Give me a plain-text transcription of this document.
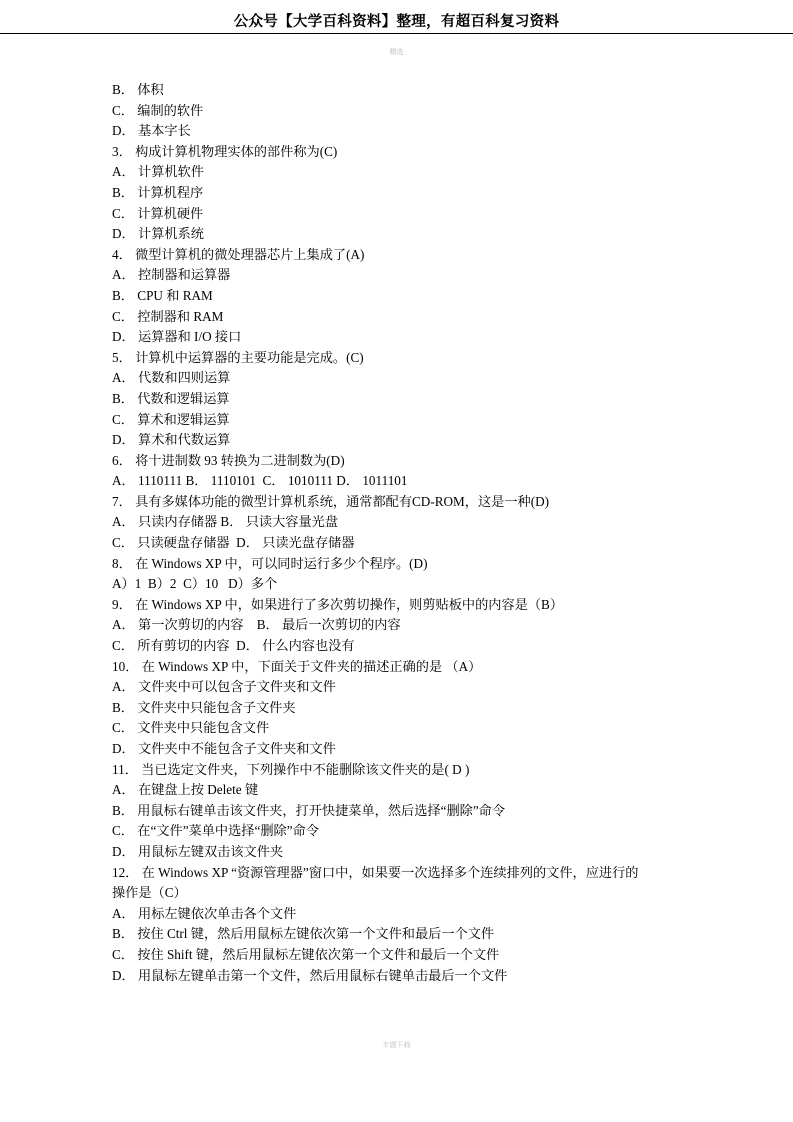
公众号【大学百科资料】整理，有超百科复习资料
精选
B． 体积
C． 编制的软件
D． 基本字长
3． 构成计算机物理实体的部件称为(C)
A． 计算机软件
B． 计算机程序
C． 计算机硬件
D． 计算机系统
4． 微型计算机的微处理器芯片上集成了(A)
A． 控制器和运算器
B． CPU 和 RAM
C． 控制器和 RAM
D． 运算器和 I/O 接口
5． 计算机中运算器的主要功能是完成。(C)
A． 代数和四则运算
B． 代数和逻辑运算
C． 算术和逻辑运算
D． 算术和代数运算
6． 将十进制数 93 转换为二进制数为(D)
A． 1110111 B． 1110101  C． 1010111 D． 1011101
7． 具有多媒体功能的微型计算机系统，通常都配有CD-ROM，这是一种(D)
A． 只读内存储器 B． 只读大容量光盘
C． 只读硬盘存储器  D． 只读光盘存储器
8． 在 Windows XP 中，可以同时运行多少个程序。(D)
A）1  B）2  C）10   D）多个
9． 在 Windows XP 中，如果进行了多次剪切操作，则剪贴板中的内容是（B）
A． 第一次剪切的内容    B． 最后一次剪切的内容
C． 所有剪切的内容  D． 什么内容也没有
10． 在 Windows XP 中，下面关于文件夹的描述正确的是 （A）
A． 文件夹中可以包含子文件夹和文件
B． 文件夹中只能包含子文件夹
C． 文件夹中只能包含文件
D． 文件夹中不能包含子文件夹和文件
11． 当已选定文件夹，下列操作中不能删除该文件夹的是( D )
A． 在键盘上按 Delete 键
B． 用鼠标右键单击该文件夹，打开快捷菜单，然后选择“删除”命令
C． 在“文件”菜单中选择“删除”命令
D． 用鼠标左键双击该文件夹
12． 在 Windows XP “资源管理器”窗口中，如果要一次选择多个连续排列的文件，应进行的
操作是（C）
A． 用标左键依次单击各个文件
B． 按住 Ctrl 键，然后用鼠标左键依次第一个文件和最后一个文件
C． 按住 Shift 键，然后用鼠标左键依次第一个文件和最后一个文件
D． 用鼠标左键单击第一个文件，然后用鼠标右键单击最后一个文件
专题下载
